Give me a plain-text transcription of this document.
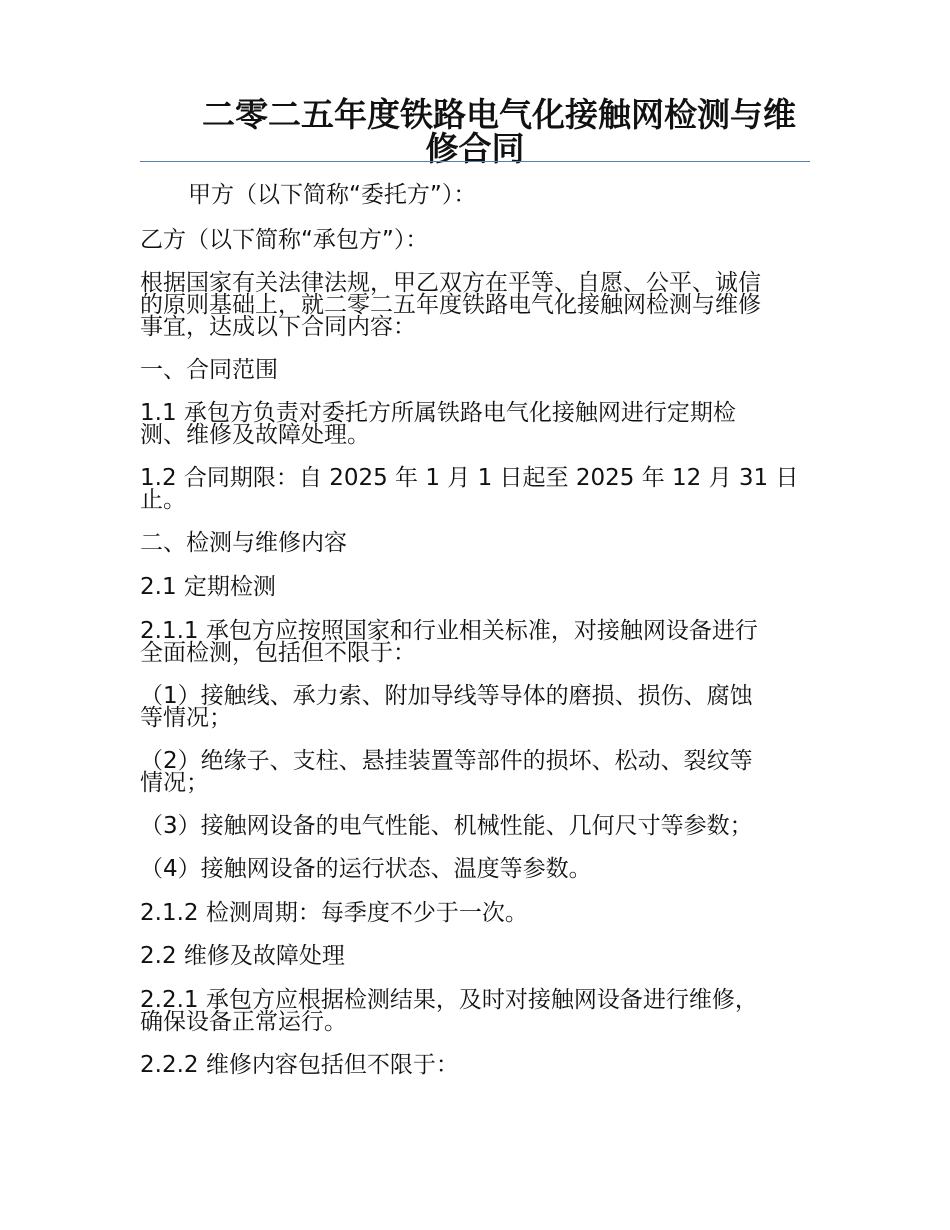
二零二五年度铁路电气化接触网检测与维
修合同

甲方（以下简称“委托方”）：

乙方（以下简称“承包方”）：

根据国家有关法律法规，甲乙双方在平等、自愿、公平、诚信
的原则基础上，就二零二五年度铁路电气化接触网检测与维修
事宜，达成以下合同内容：

一、合同范围

1.1 承包方负责对委托方所属铁路电气化接触网进行定期检
测、维修及故障处理。

1.2 合同期限：自 2025 年 1 月 1 日起至 2025 年 12 月 31 日
止。

二、检测与维修内容

2.1 定期检测

2.1.1 承包方应按照国家和行业相关标准，对接触网设备进行
全面检测，包括但不限于：

（1）接触线、承力索、附加导线等导体的磨损、损伤、腐蚀
等情况；

（2）绝缘子、支柱、悬挂装置等部件的损坏、松动、裂纹等
情况；

（3）接触网设备的电气性能、机械性能、几何尺寸等参数；

（4）接触网设备的运行状态、温度等参数。

2.1.2 检测周期：每季度不少于一次。

2.2 维修及故障处理

2.2.1 承包方应根据检测结果，及时对接触网设备进行维修，
确保设备正常运行。

2.2.2 维修内容包括但不限于：
